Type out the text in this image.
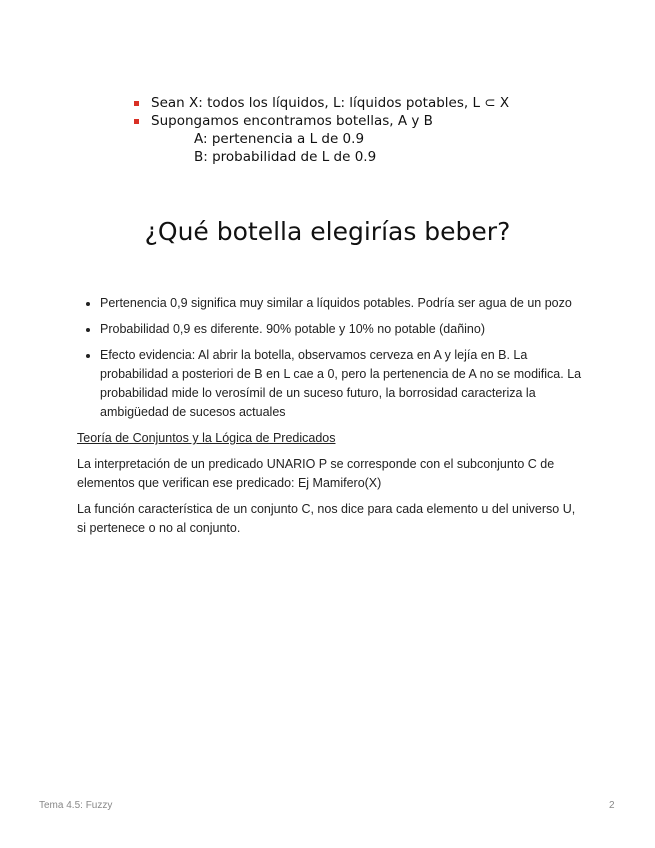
Sean X: todos los líquidos, L: líquidos potables, L ⊂ X
Supongamos encontramos botellas, A y B
A: pertenencia a L de 0.9
B: probabilidad de L de 0.9
¿Qué botella elegirías beber?
• Pertenencia 0,9 significa muy similar a líquidos potables. Podría ser agua de un pozo
• Probabilidad 0,9 es diferente. 90% potable y 10% no potable (dañino)
• Efecto evidencia: Al abrir la botella, observamos cerveza en A y lejía en B. La probabilidad a posteriori de B en L cae a 0, pero la pertenencia de A no se modifica. La probabilidad mide lo verosímil de un suceso futuro, la borrosidad caracteriza la ambigüedad de sucesos actuales

Teoría de Conjuntos y la Lógica de Predicados

La interpretación de un predicado UNARIO P se corresponde con el subconjunto C de elementos que verifican ese predicado: Ej Mamifero(X)

La función característica de un conjunto C, nos dice para cada elemento u del universo U, si pertenece o no al conjunto.

Tema 4.5: Fuzzy	2
